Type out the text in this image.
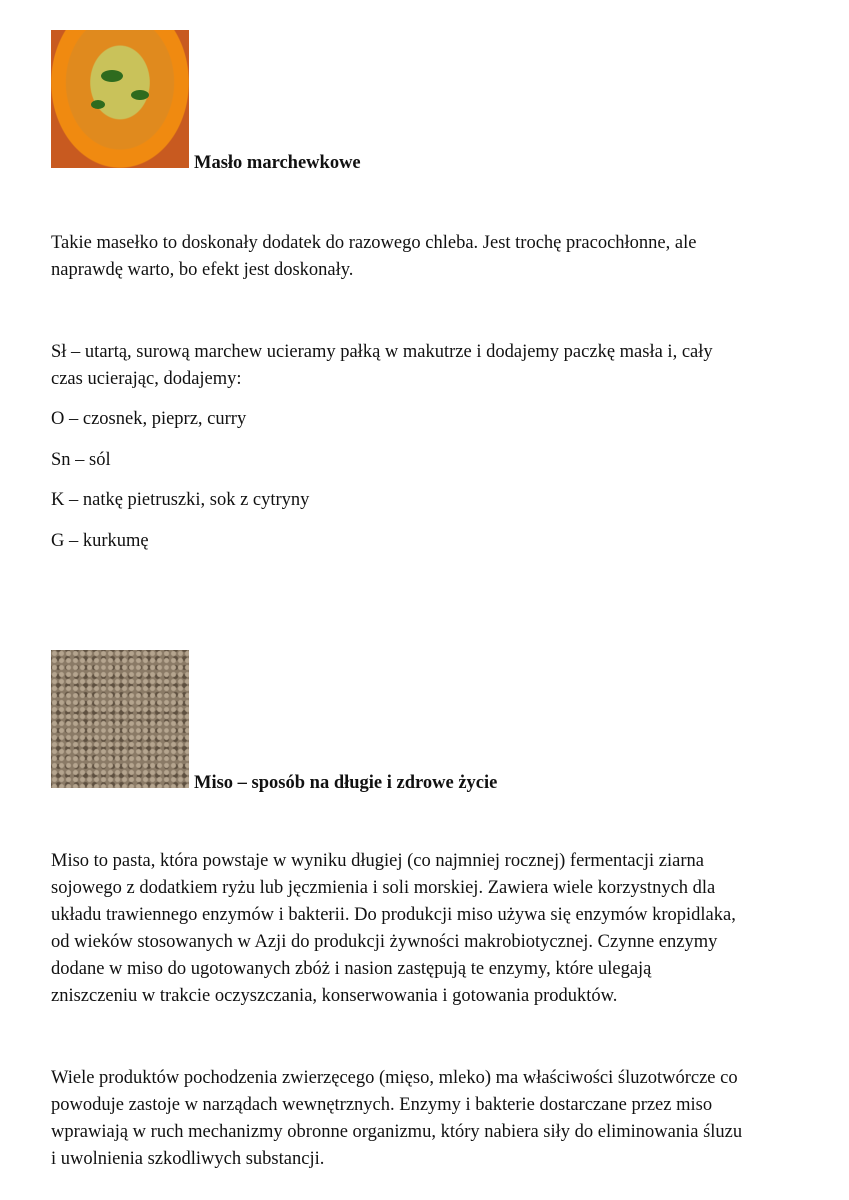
Masło marchewkowe
Takie masełko to doskonały dodatek do razowego chleba. Jest trochę pracochłonne, ale
naprawdę warto, bo efekt jest doskonały.
Sł – utartą, surową marchew ucieramy pałką w makutrze i dodajemy paczkę masła i, cały
czas ucierając, dodajemy:
O – czosnek, pieprz, curry
Sn – sól
K – natkę pietruszki, sok z cytryny
G – kurkumę
Miso – sposób na długie i zdrowe życie
Miso to pasta, która powstaje w wyniku długiej (co najmniej rocznej) fermentacji ziarna
sojowego z dodatkiem ryżu lub jęczmienia i soli morskiej. Zawiera wiele korzystnych dla
układu trawiennego enzymów i bakterii. Do produkcji miso używa się enzymów kropidlaka,
od wieków stosowanych w Azji do produkcji żywności makrobiotycznej. Czynne enzymy
dodane w miso do ugotowanych zbóż i nasion zastępują te enzymy, które ulegają
zniszczeniu w trakcie oczyszczania, konserwowania i gotowania produktów.
Wiele produktów pochodzenia zwierzęcego (mięso, mleko) ma właściwości śluzotwórcze co
powoduje zastoje w narządach wewnętrznych. Enzymy i bakterie dostarczane przez miso
wprawiają w ruch mechanizmy obronne organizmu, który nabiera siły do eliminowania śluzu
i uwolnienia szkodliwych substancji.
